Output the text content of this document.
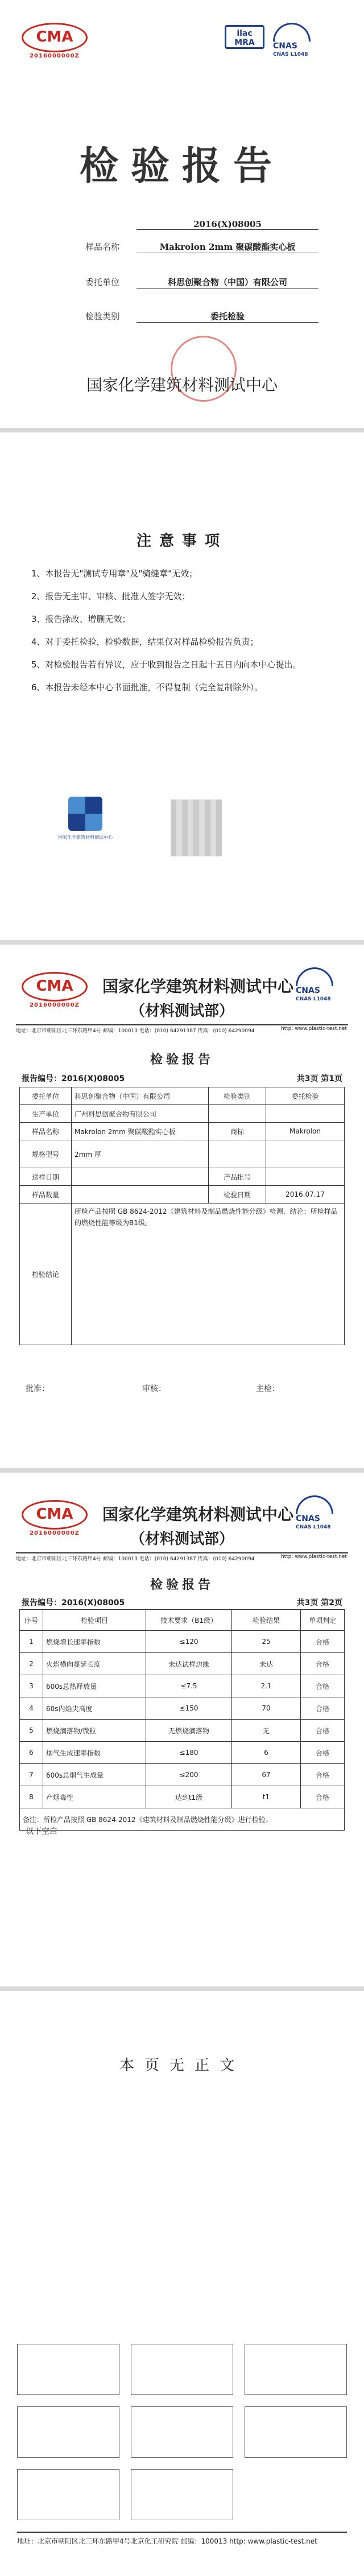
CMA
2016000000Z
ilac MRA	CNAS
CNAS L1048
检验报告
2016(X)08005
样品名称	Makrolon 2mm 聚碳酸酯实心板
委托单位	科思创聚合物（中国）有限公司
检验类别	委托检验
国家化学建筑材料测试中心
注意事项
1、本报告无"测试专用章"及"骑缝章"无效；
2、报告无主审、审核、批准人签字无效；
3、报告涂改、增删无效；
4、对于委托检验，检验数据，结果仅对样品检验报告负责；
5、对检验报告若有异议，应于收到报告之日起十五日内向本中心提出。
6、本报告未经本中心书面批准，不得复制（完全复制除外）。
国家化学建筑材料测试中心
CMA
2016000000Z
国家化学建筑材料测试中心 CNAS
CNAS L1048
（材料测试部）
地址：北京市朝阳区北三环东路甲4号 邮编：100013 电话：(010) 64291387 传真：(010) 64290094	http: www.plastic-test.net
检验报告
报告编号：2016(X)08005	共3页 第1页
委托单位	科思创聚合物（中国）有限公司	检验类别	委托检验
生产单位	广州科思创聚合物有限公司		
样品名称	Makrolon 2mm 聚碳酸酯实心板	商标	Makrolon
规格型号	2mm 厚		
送样日期		产品批号	
样品数量		检验日期	2016.07.17
检验结论	所检产品按照 GB 8624-2012《建筑材料及制品燃烧性能分级》检测，结论：所检样品的燃烧性能等级为B1级。		
批准：	审核：	主检：
CMA
2016000000Z
国家化学建筑材料测试中心 CNAS
CNAS L1048
（材料测试部）
地址：北京市朝阳区北三环东路甲4号 邮编：100013 电话：(010) 64291387 传真：(010) 64290094	http: www.plastic-test.net
检验报告
报告编号：2016(X)08005	共3页 第2页
序号	检验项目	技术要求（B1级）	检验结果	单项判定
1	燃烧增长速率指数	≤120	25	合格
2	火焰横向蔓延长度	未达试样边缘	未达	合格
3	600s总热释放量	≤7.5	2.1	合格
4	60s内焰尖高度	≤150	70	合格
5	燃烧滴落物/微粒	无燃烧滴落物	无	合格
6	烟气生成速率指数	≤180	6	合格
7	600s总烟气生成量	≤200	67	合格
8	产烟毒性	达到t1级	t1	合格
备注：所检产品按照 GB 8624-2012《建筑材料及制品燃烧性能分级》进行检验。				
以下空白
本页无正文
地址：北京市朝阳区北三环东路甲4号北京化工研究院 邮编：100013 http: www.plastic-test.net
